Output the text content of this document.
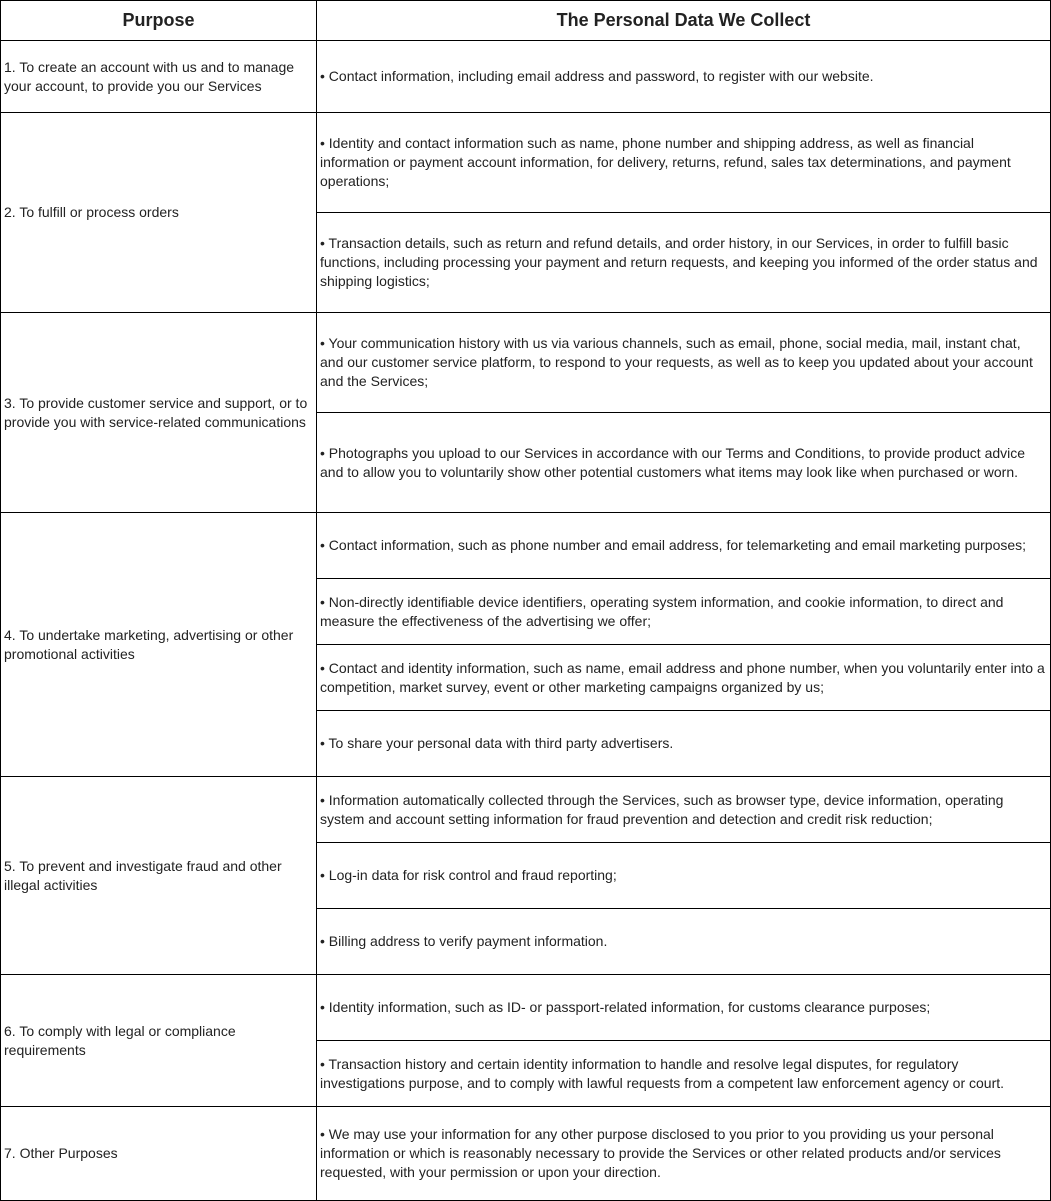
Purpose	The Personal Data We Collect
1. To create an account with us and to manage your account, to provide you our Services	• Contact information, including email address and password, to register with our website.
2. To fulfill or process orders	• Identity and contact information such as name, phone number and shipping address, as well as financial information or payment account information, for delivery, returns, refund, sales tax determinations, and payment operations;
	• Transaction details, such as return and refund details, and order history, in our Services, in order to fulfill basic functions, including processing your payment and return requests, and keeping you informed of the order status and shipping logistics;
3. To provide customer service and support, or to provide you with service-related communications	• Your communication history with us via various channels, such as email, phone, social media, mail, instant chat, and our customer service platform, to respond to your requests, as well as to keep you updated about your account and the Services;
	• Photographs you upload to our Services in accordance with our Terms and Conditions, to provide product advice and to allow you to voluntarily show other potential customers what items may look like when purchased or worn.
4. To undertake marketing, advertising or other promotional activities	• Contact information, such as phone number and email address, for telemarketing and email marketing purposes;
	• Non-directly identifiable device identifiers, operating system information, and cookie information, to direct and measure the effectiveness of the advertising we offer;
	• Contact and identity information, such as name, email address and phone number, when you voluntarily enter into a competition, market survey, event or other marketing campaigns organized by us;
	• To share your personal data with third party advertisers.
5. To prevent and investigate fraud and other illegal activities	• Information automatically collected through the Services, such as browser type, device information, operating system and account setting information for fraud prevention and detection and credit risk reduction;
	• Log-in data for risk control and fraud reporting;
	• Billing address to verify payment information.
6. To comply with legal or compliance requirements	• Identity information, such as ID- or passport-related information, for customs clearance purposes;
	• Transaction history and certain identity information to handle and resolve legal disputes, for regulatory investigations purpose, and to comply with lawful requests from a competent law enforcement agency or court.
7. Other Purposes	• We may use your information for any other purpose disclosed to you prior to you providing us your personal information or which is reasonably necessary to provide the Services or other related products and/or services requested, with your permission or upon your direction.
